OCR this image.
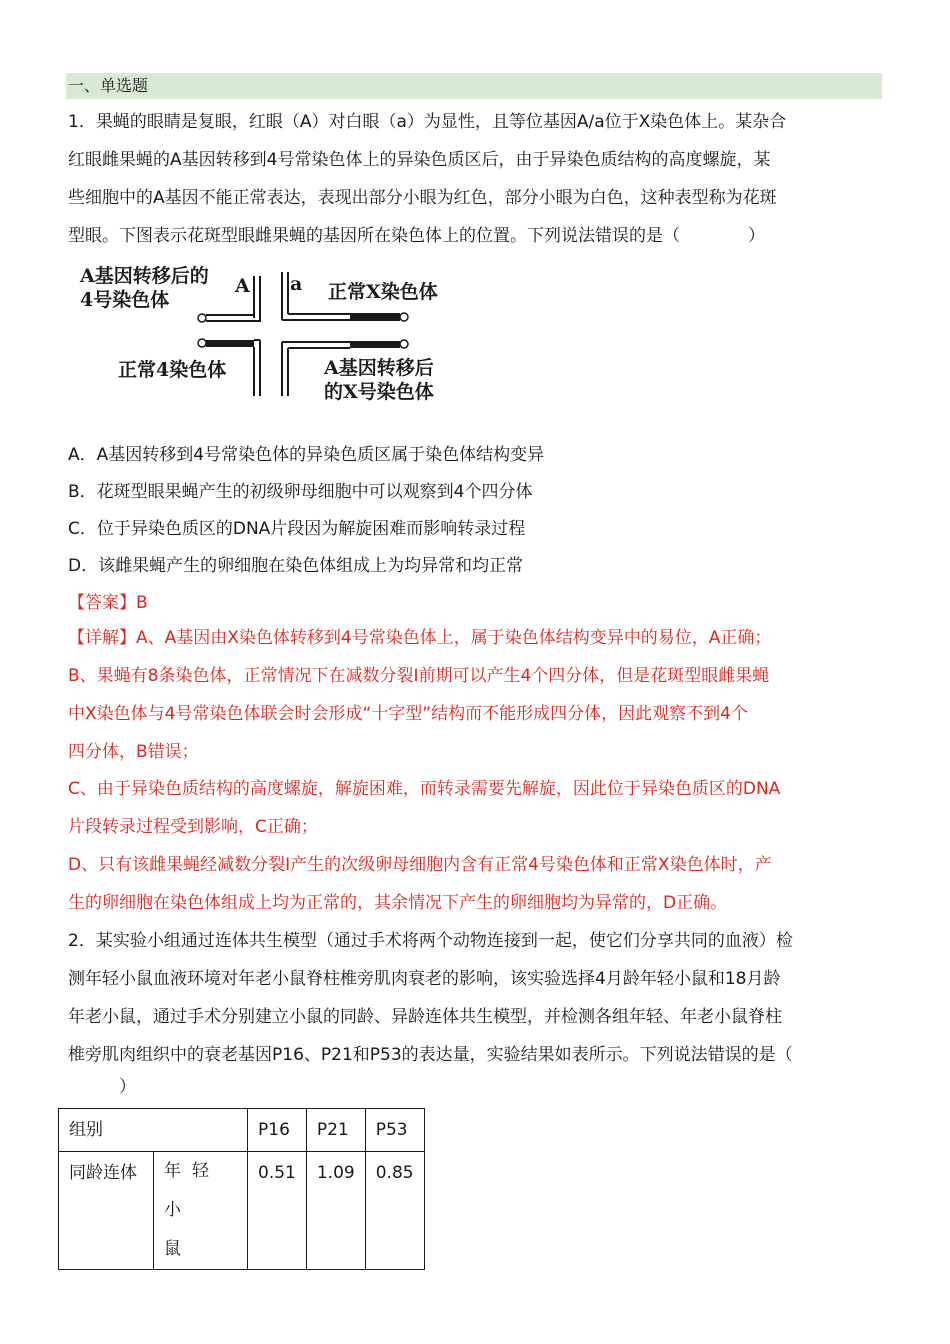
一、单选题

1．果蝇的眼睛是复眼，红眼（A）对白眼（a）为显性，且等位基因A/a位于X染色体上。某杂合

红眼雌果蝇的A基因转移到4号常染色体上的异染色质区后，由于异染色质结构的高度螺旋，某

些细胞中的A基因不能正常表达，表现出部分小眼为红色，部分小眼为白色，这种表型称为花斑

型眼。下图表示花斑型眼雌果蝇的基因所在染色体上的位置。下列说法错误的是（　　　　）

A基因转移后的
4号染色体
A a 正常X染色体
正常4染色体	A基因转移后
的X号染色体
A．A基因转移到4号常染色体的异染色质区属于染色体结构变异
B．花斑型眼果蝇产生的初级卵母细胞中可以观察到4个四分体
C．位于异染色质区的DNA片段因为解旋困难而影响转录过程
D．该雌果蝇产生的卵细胞在染色体组成上为均异常和均正常
【答案】B

【详解】A、A基因由X染色体转移到4号常染色体上，属于染色体结构变异中的易位，A正确；

B、果蝇有8条染色体，正常情况下在减数分裂Ⅰ前期可以产生4个四分体，但是花斑型眼雌果蝇

中X染色体与4号常染色体联会时会形成“十字型”结构而不能形成四分体，因此观察不到4个

四分体，B错误；

C、由于异染色质结构的高度螺旋，解旋困难，而转录需要先解旋，因此位于异染色质区的DNA

片段转录过程受到影响，C正确；

D、只有该雌果蝇经减数分裂Ⅰ产生的次级卵母细胞内含有正常4号染色体和正常X染色体时，产

生的卵细胞在染色体组成上均为正常的，其余情况下产生的卵细胞均为异常的，D正确。

2．某实验小组通过连体共生模型（通过手术将两个动物连接到一起，使它们分享共同的血液）检

测年轻小鼠血液环境对年老小鼠脊柱椎旁肌肉衰老的影响，该实验选择4月龄年轻小鼠和18月龄

年老小鼠，通过手术分别建立小鼠的同龄、异龄连体共生模型，并检测各组年轻、年老小鼠脊柱

椎旁肌肉组织中的衰老基因P16、P21和P53的表达量，实验结果如表所示。下列说法错误的是（

　　　）

组别		P16	P21	P53
同龄连体	年轻小
鼠	0.51	1.09	0.85
